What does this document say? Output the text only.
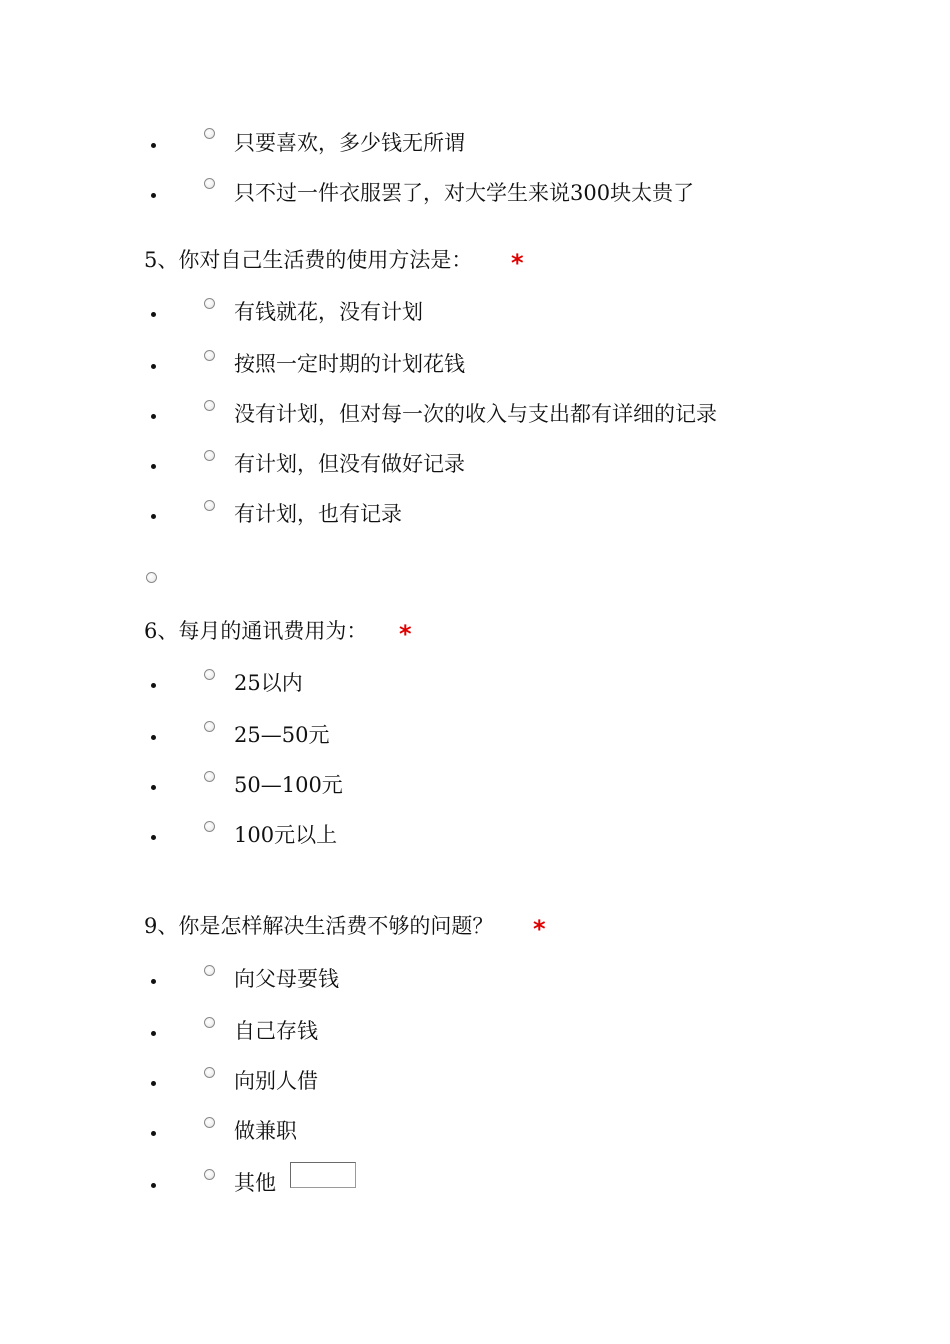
只要喜欢，多少钱无所谓
只不过一件衣服罢了，对大学生来说300块太贵了
5、你对自己生活费的使用方法是： *
有钱就花，没有计划
按照一定时期的计划花钱
没有计划，但对每一次的收入与支出都有详细的记录
有计划，但没有做好记录
有计划，也有记录
6、每月的通讯费用为： *
25以内
25—50元
50—100元
100元以上
9、你是怎样解决生活费不够的问题？ *
向父母要钱
自己存钱
向别人借
做兼职
其他
